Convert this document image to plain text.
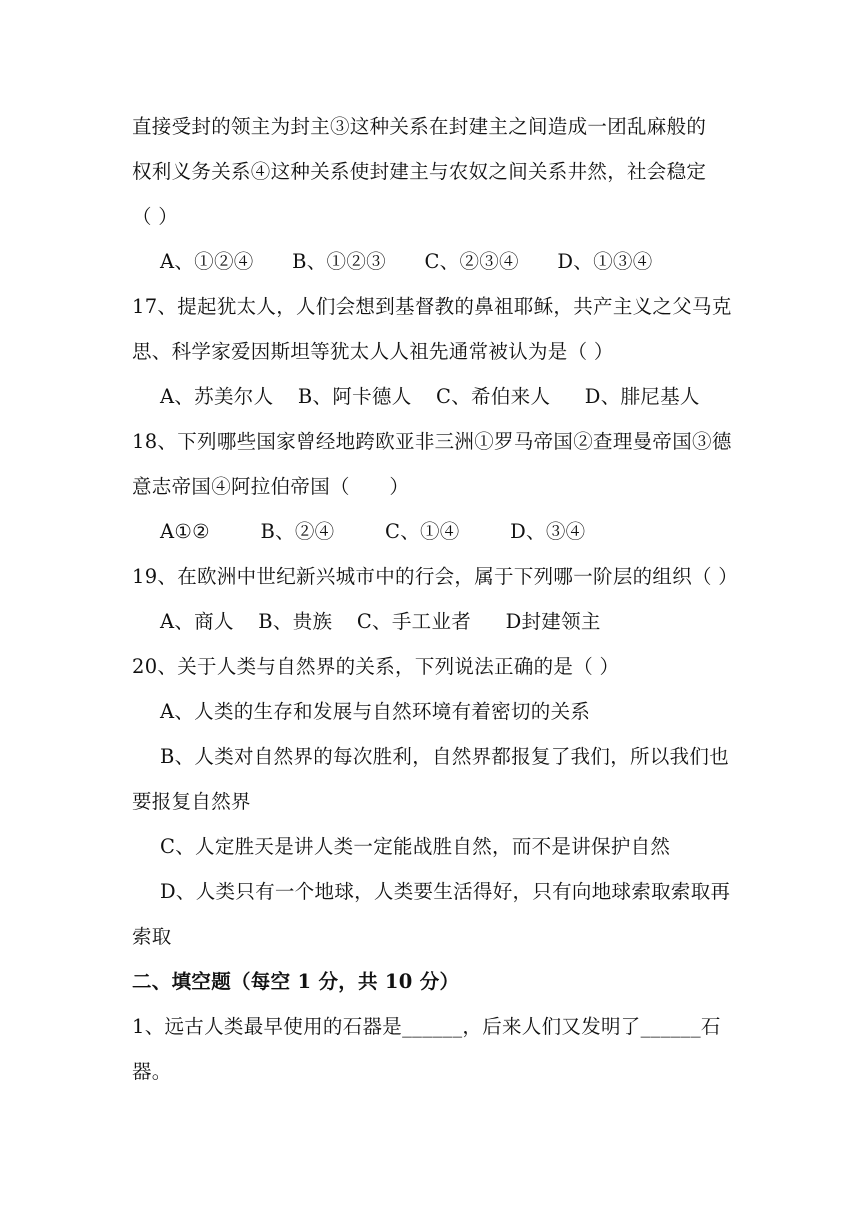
直接受封的领主为封主③这种关系在封建主之间造成一团乱麻般的
权利义务关系④这种关系使封建主与农奴之间关系井然，社会稳定
（ ）
A、①②④ B、①②③ C、②③④ D、①③④
17、提起犹太人，人们会想到基督教的鼻祖耶稣，共产主义之父马克
思、科学家爱因斯坦等犹太人人祖先通常被认为是（ ）
A、苏美尔人 B、阿卡德人 C、希伯来人 D、腓尼基人
18、下列哪些国家曾经地跨欧亚非三洲①罗马帝国②查理曼帝国③德
意志帝国④阿拉伯帝国（　　）
A①②	B、②④	C、①④	D、③④
19、在欧洲中世纪新兴城市中的行会，属于下列哪一阶层的组织（ ）
A、商人 B、贵族 C、手工业者 D封建领主
20、关于人类与自然界的关系，下列说法正确的是（ ）
A、人类的生存和发展与自然环境有着密切的关系
B、人类对自然界的每次胜利，自然界都报复了我们，所以我们也
要报复自然界
C、人定胜天是讲人类一定能战胜自然，而不是讲保护自然
D、人类只有一个地球，人类要生活得好，只有向地球索取索取再
索取
二、填空题（每空 1 分，共 10 分）
1、远古人类最早使用的石器是______，后来人们又发明了______石
器。
